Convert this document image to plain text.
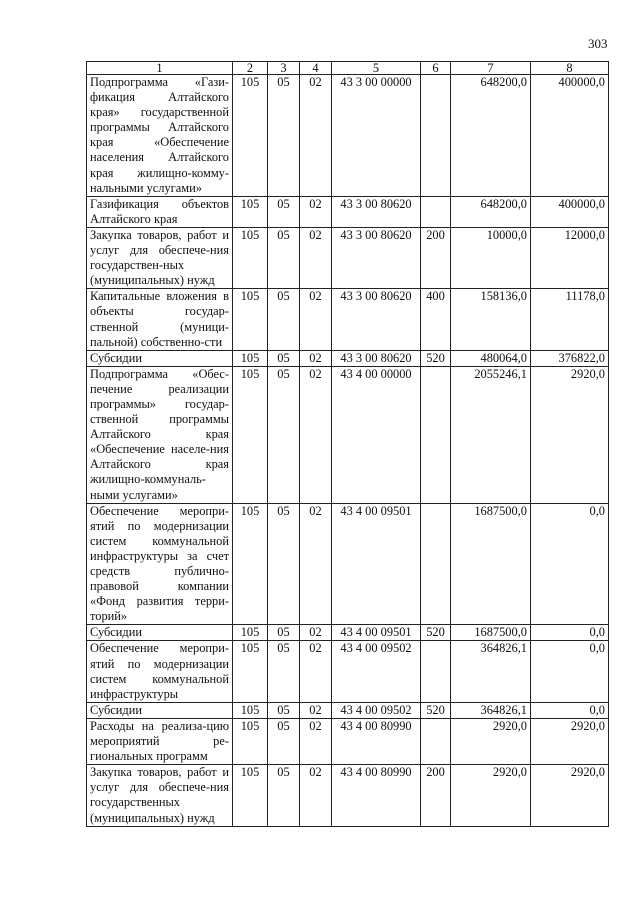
303
1	2	3	4	5	6	7	8
Подпрограмма «Гази-фикация Алтайского края» государственной программы Алтайского края «Обеспечение населения Алтайского края жилищно-комму-нальными услугами»	105	05	02	43 3 00 00000		648200,0	400000,0
Газификация объектов Алтайского края	105	05	02	43 3 00 80620		648200,0	400000,0
Закупка товаров, работ и услуг для обеспече-ния государствен-ных (муниципальных) нужд	105	05	02	43 3 00 80620	200	10000,0	12000,0
Капитальные вложения в объекты государ-ственной (муници-пальной) собственно-сти	105	05	02	43 3 00 80620	400	158136,0	11178,0
Субсидии	105	05	02	43 3 00 80620	520	480064,0	376822,0
Подпрограмма «Обес-печение реализации программы» государ-ственной программы Алтайского края «Обеспечение населе-ния Алтайского края жилищно-коммуналь-ными услугами»	105	05	02	43 4 00 00000		2055246,1	2920,0
Обеспечение меропри-ятий по модернизации систем коммунальной инфраструктуры за счет средств публично-правовой компании «Фонд развития терри-торий»	105	05	02	43 4 00 09501		1687500,0	0,0
Субсидии	105	05	02	43 4 00 09501	520	1687500,0	0,0
Обеспечение меропри-ятий по модернизации систем коммунальной инфраструктуры	105	05	02	43 4 00 09502		364826,1	0,0
Субсидии	105	05	02	43 4 00 09502	520	364826,1	0,0
Расходы на реализа-цию мероприятий ре-гиональных программ	105	05	02	43 4 00 80990		2920,0	2920,0
Закупка товаров, работ и услуг для обеспече-ния государственных (муниципальных) нужд	105	05	02	43 4 00 80990	200	2920,0	2920,0
